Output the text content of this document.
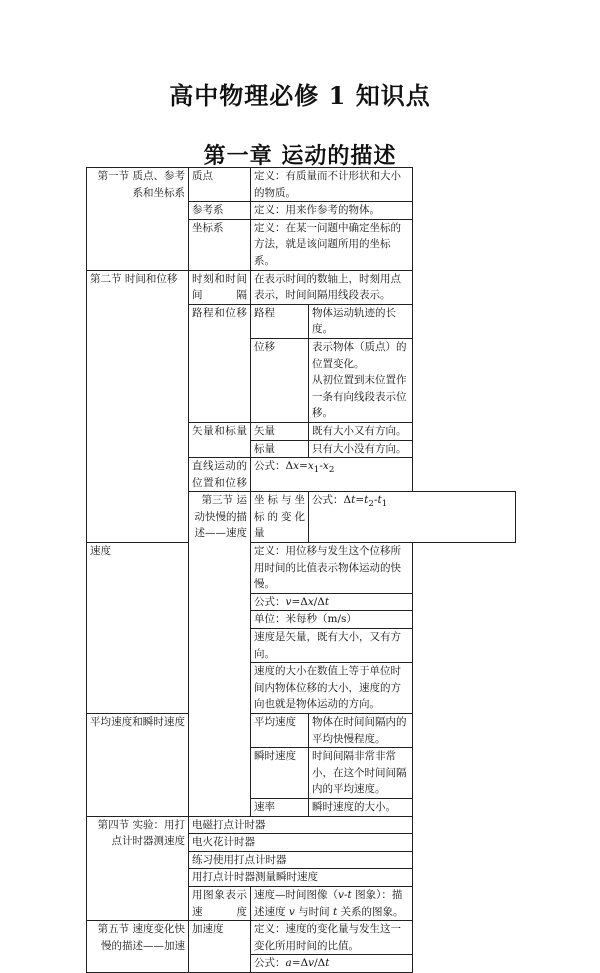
高中物理必修 1 知识点
第一章 运动的描述
第一节 质点、参考系和坐标系	质点	定义：有质量而不计形状和大小的物质。	
	参考系	定义：用来作参考的物体。	
	坐标系	定义：在某一问题中确定坐标的方法，就是该问题所用的坐标系。	
第二节 时间和位移	时刻和时间间隔	在表示时间的数轴上，时刻用点表示，时间间隔用线段表示。	
	路程和位移	路程	物体运动轨迹的长度。
		位移	表示物体（质点）的位置变化。
从初位置到末位置作一条有向线段表示位移。

	矢量和标量	矢量	既有大小又有方向。
		标量	只有大小没有方向。
	直线运动的位置和位移	公式：$\Delta x=x_1-x_2$
	第三节 运动快慢的描述——速度	坐标与坐标的变化量	公式：$\Delta t=t_2-t_1$
速度		定义：用位移与发生这个位移所用时间的比值表示物体运动的快慢。	
		公式：v=Δx/Δt	
		单位：米每秒（m/s）	
		速度是矢量，既有大小，又有方向。	
		速度的大小在数值上等于单位时间内物体位移的大小，速度的方向也就是物体运动的方向。	
平均速度和瞬时速度		平均速度	物体在时间间隔内的平均快慢程度。
		瞬时速度	时间间隔非常非常小，在这个时间间隔内的平均速度。
		速率	瞬时速度的大小。
第四节 实验：用打点计时器测速度	电磁打点计时器		
	电火花计时器		
	练习使用打点计时器		
	用打点计时器测量瞬时速度		
	用图象表示速度	速度—时间图像（v-t 图象）：描述速度 v 与时间 t 关系的图象。	
第五节 速度变化快慢的描述——加速	加速度	定义：速度的变化量与发生这一变化所用时间的比值。	
		公式：a=Δv/Δt	
